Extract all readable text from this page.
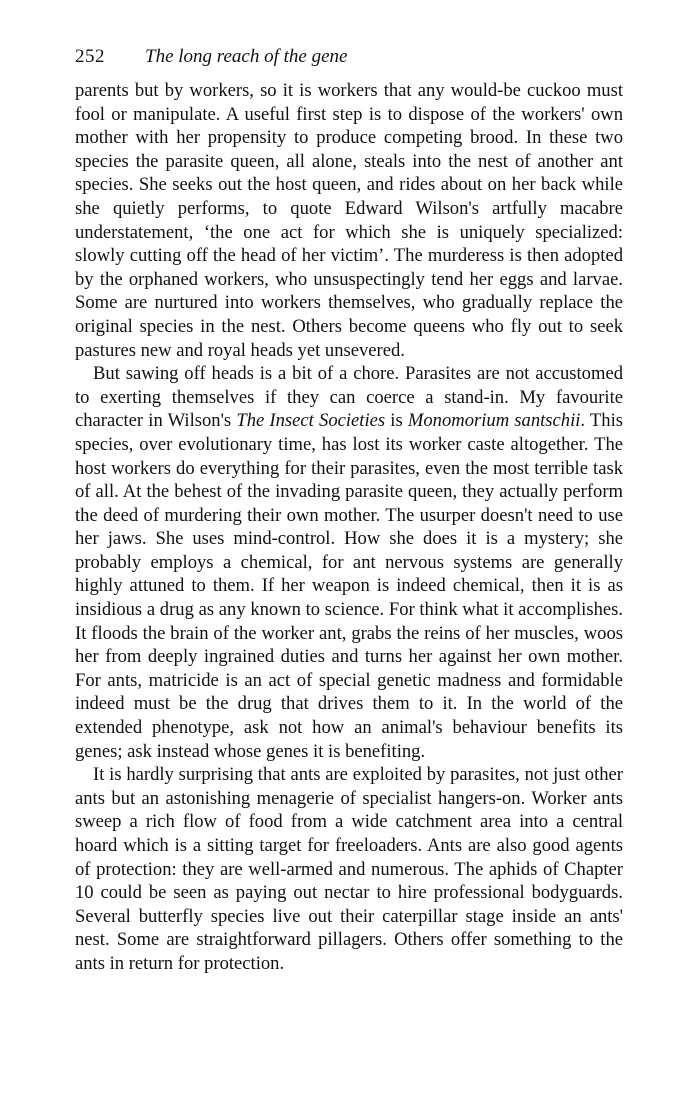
252 The long reach of the gene

parents but by workers, so it is workers that any would-be cuckoo must fool or manipulate. A useful first step is to dispose of the workers' own mother with her propensity to produce competing brood. In these two species the parasite queen, all alone, steals into the nest of another ant species. She seeks out the host queen, and rides about on her back while she quietly performs, to quote Edward Wilson's artfully macabre understatement, ‘the one act for which she is uniquely specialized: slowly cutting off the head of her victim’. The murderess is then adopted by the orphaned workers, who unsuspectingly tend her eggs and larvae. Some are nurtured into workers themselves, who gradually replace the original species in the nest. Others become queens who fly out to seek pastures new and royal heads yet unsevered.

But sawing off heads is a bit of a chore. Parasites are not accustomed to exerting themselves if they can coerce a stand-in. My favourite character in Wilson's The Insect Societies is Monomorium santschii. This species, over evolutionary time, has lost its worker caste altogether. The host workers do everything for their parasites, even the most terrible task of all. At the behest of the invading parasite queen, they actually perform the deed of murdering their own mother. The usurper doesn't need to use her jaws. She uses mind-control. How she does it is a mystery; she probably employs a chemical, for ant nervous systems are generally highly attuned to them. If her weapon is indeed chemical, then it is as insidious a drug as any known to science. For think what it accomplishes. It floods the brain of the worker ant, grabs the reins of her muscles, woos her from deeply ingrained duties and turns her against her own mother. For ants, matricide is an act of special genetic madness and formidable indeed must be the drug that drives them to it. In the world of the extended phenotype, ask not how an animal's behaviour benefits its genes; ask instead whose genes it is benefiting.

It is hardly surprising that ants are exploited by parasites, not just other ants but an astonishing menagerie of specialist hangers-on. Worker ants sweep a rich flow of food from a wide catchment area into a central hoard which is a sitting target for freeloaders. Ants are also good agents of protection: they are well-armed and numerous. The aphids of Chapter 10 could be seen as paying out nectar to hire professional bodyguards. Several butterfly species live out their caterpillar stage inside an ants' nest. Some are straightforward pillagers. Others offer something to the ants in return for protection.
